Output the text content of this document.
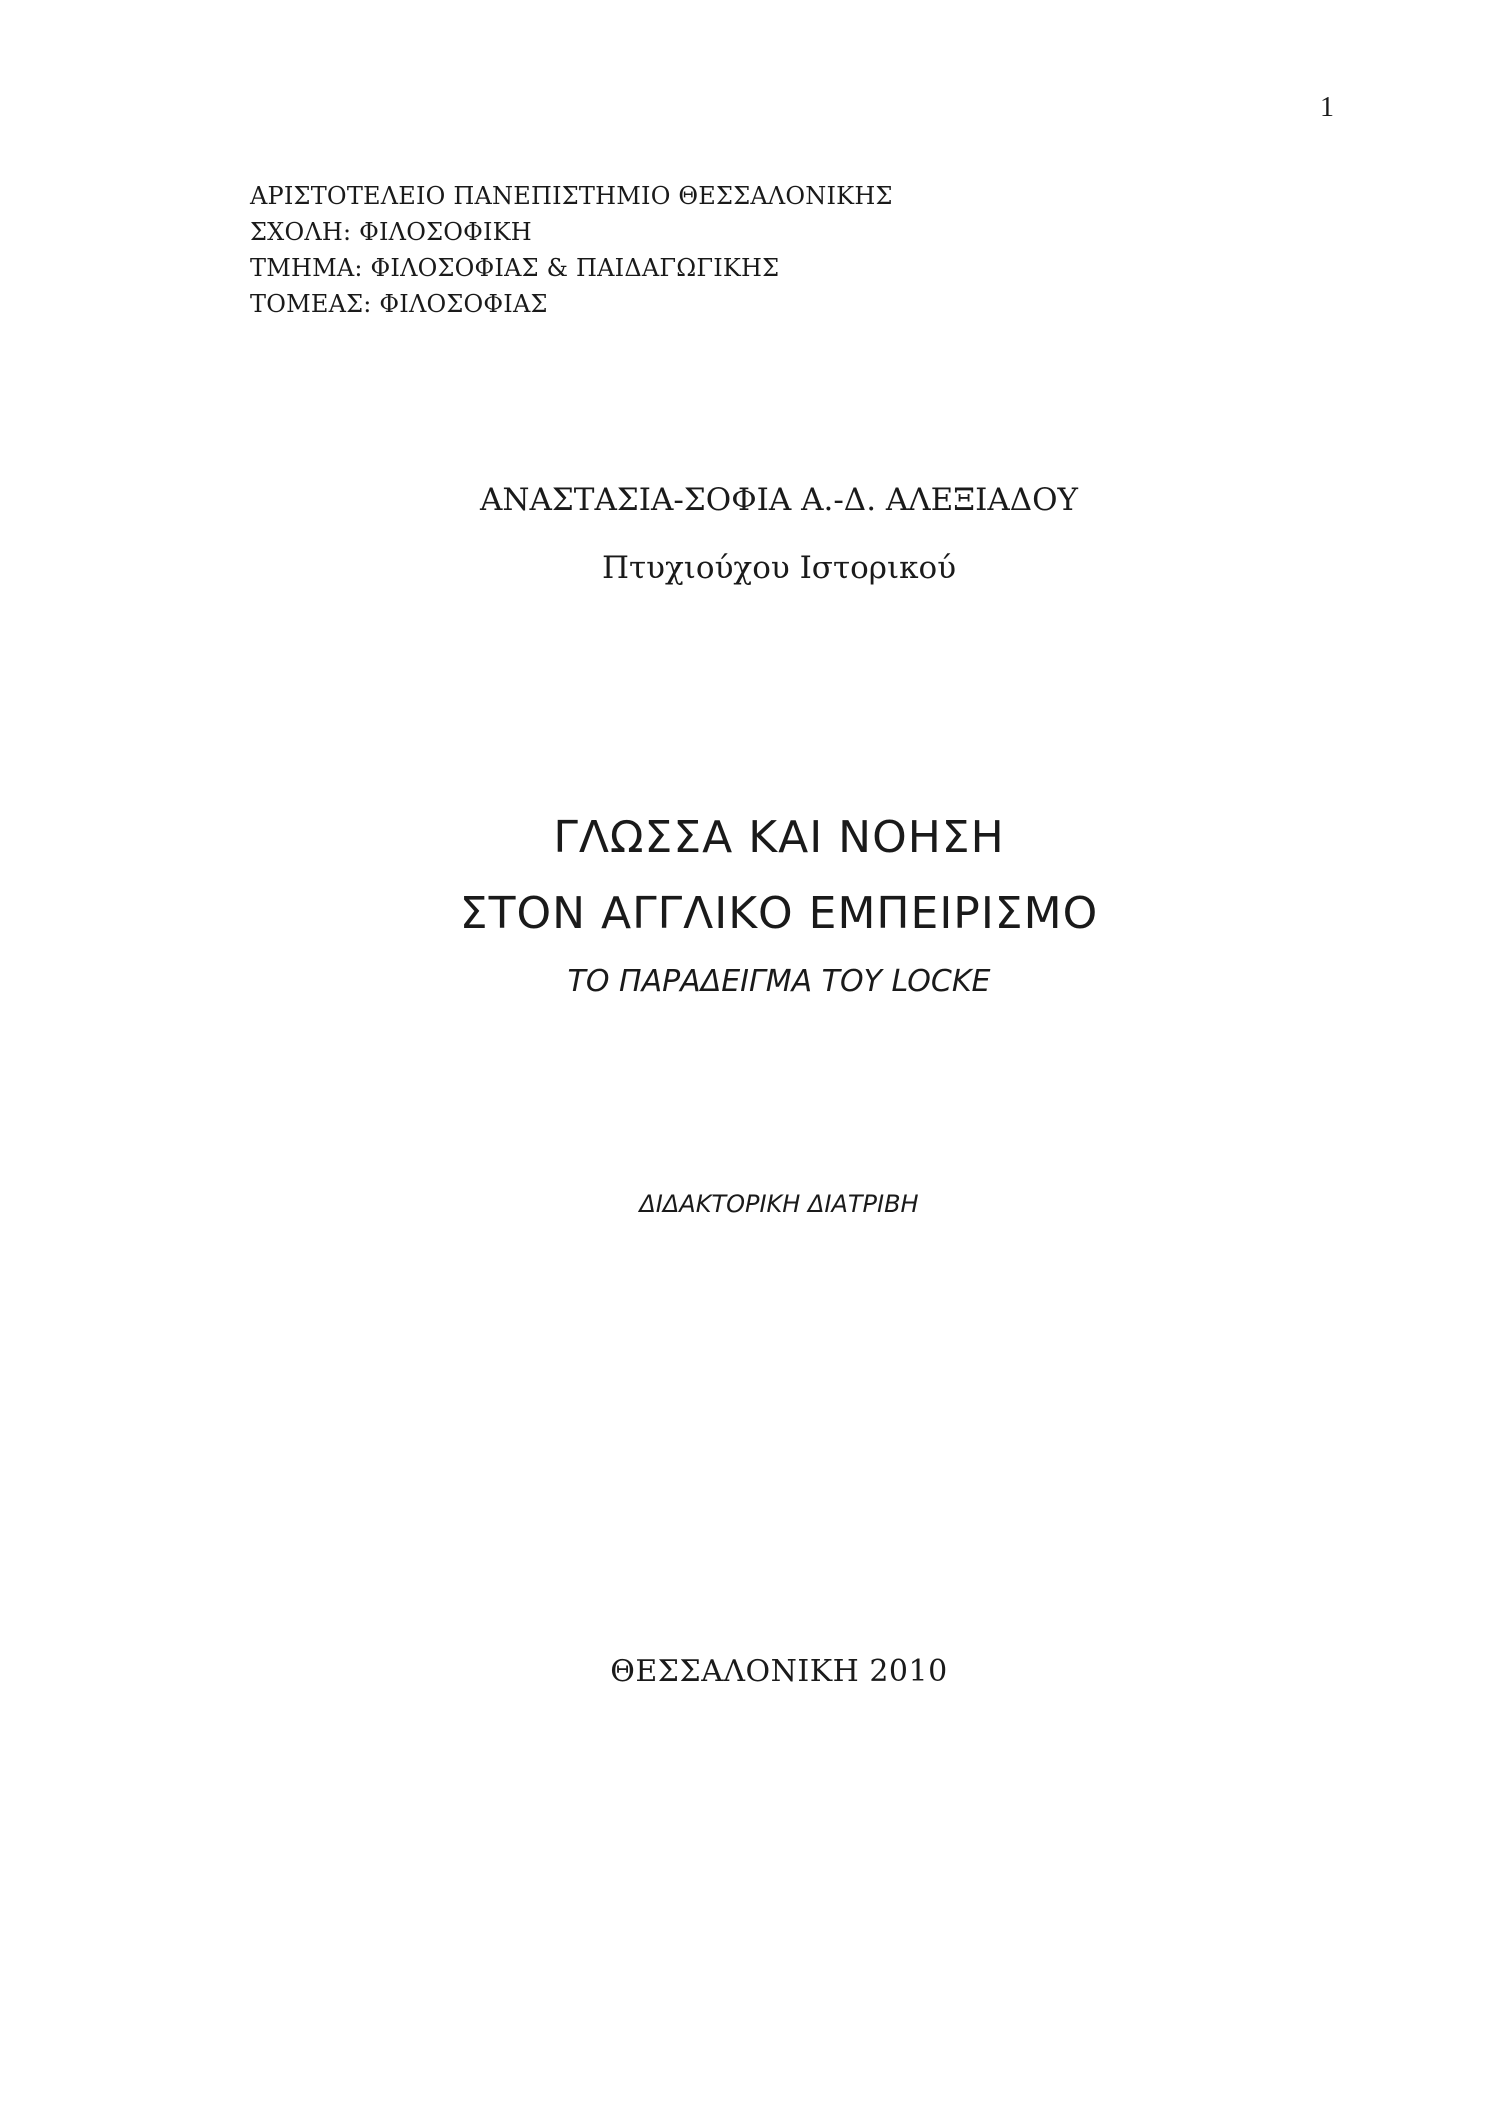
1
ΑΡΙΣΤΟΤΕΛΕΙΟ ΠΑΝΕΠΙΣΤΗΜΙΟ ΘΕΣΣΑΛΟΝΙΚΗΣ
ΣΧΟΛΗ: ΦΙΛΟΣΟΦΙΚΗ
ΤΜΗΜΑ: ΦΙΛΟΣΟΦΙΑΣ & ΠΑΙΔΑΓΩΓΙΚΗΣ
ΤΟΜΕΑΣ: ΦΙΛΟΣΟΦΙΑΣ
ΑΝΑΣΤΑΣΙΑ-ΣΟΦΙΑ Α.-Δ. ΑΛΕΞΙΑΔΟΥ
Πτυχιούχου Ιστορικού
ΓΛΩΣΣΑ ΚΑΙ ΝΟΗΣΗ
ΣΤΟΝ ΑΓΓΛΙΚΟ ΕΜΠΕΙΡΙΣΜΟ
ΤΟ ΠΑΡΑΔΕΙΓΜΑ ΤΟΥ LOCKE
ΔΙΔΑΚΤΟΡΙΚΗ ΔΙΑΤΡΙΒΗ
ΘΕΣΣΑΛΟΝΙΚΗ 2010
